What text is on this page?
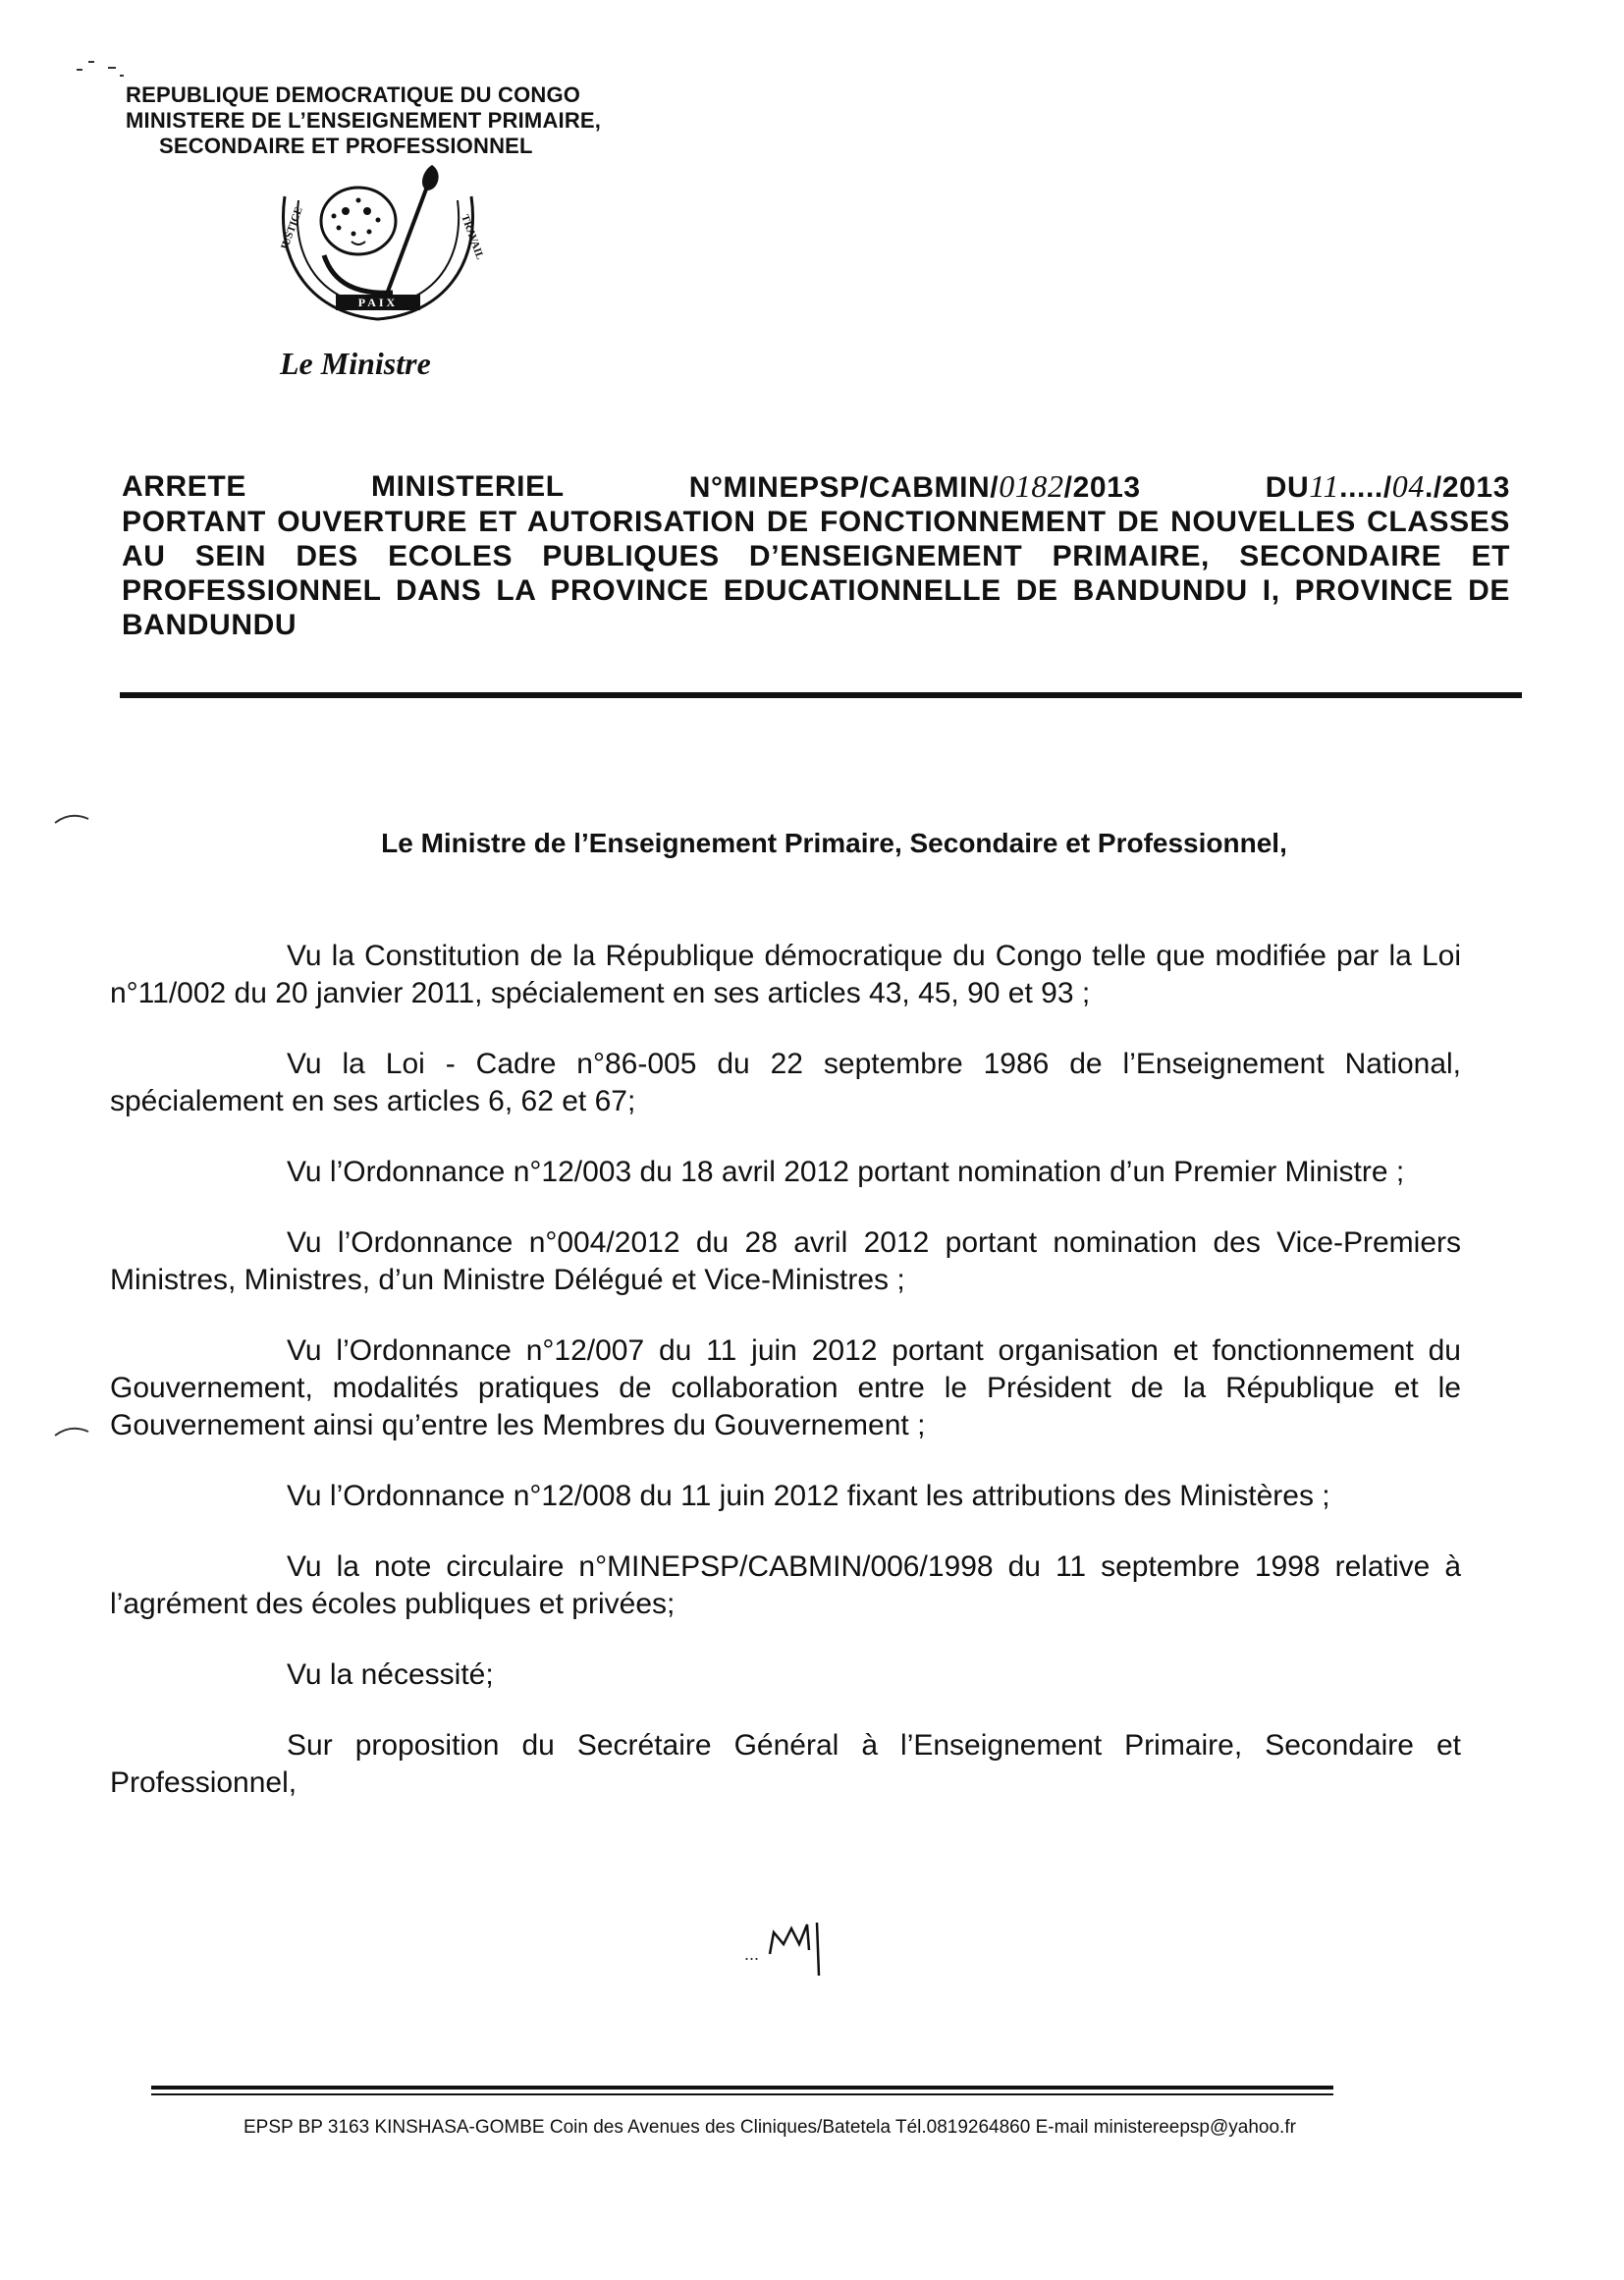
REPUBLIQUE DEMOCRATIQUE DU CONGO
MINISTERE DE L’ENSEIGNEMENT PRIMAIRE,
SECONDAIRE ET PROFESSIONNEL
PAIX
JUSTICE	TRAVAIL
Le Ministre
ARRETE	MINISTERIEL	N°MINEPSP/CABMIN/0182/2013	DU11...../04./2013
PORTANT OUVERTURE ET AUTORISATION DE FONCTIONNEMENT DE NOUVELLES CLASSES AU SEIN DES ECOLES PUBLIQUES D’ENSEIGNEMENT PRIMAIRE, SECONDAIRE ET PROFESSIONNEL DANS LA PROVINCE EDUCATIONNELLE DE BANDUNDU I, PROVINCE DE BANDUNDU
Le Ministre de l’Enseignement Primaire, Secondaire et Professionnel,

Vu la Constitution de la République démocratique du Congo telle que modifiée par la Loi n°11/002 du 20 janvier 2011, spécialement en ses articles 43, 45, 90 et 93 ;

Vu la Loi - Cadre n°86-005 du 22 septembre 1986 de l’Enseignement National, spécialement en ses articles 6, 62 et 67;

Vu l’Ordonnance n°12/003 du 18 avril 2012 portant nomination d’un Premier Ministre ;

Vu l’Ordonnance n°004/2012 du 28 avril 2012 portant nomination des Vice-Premiers Ministres, Ministres, d’un Ministre Délégué et Vice-Ministres ;

Vu l’Ordonnance n°12/007 du 11 juin 2012 portant organisation et fonctionnement du Gouvernement, modalités pratiques de collaboration entre le Président de la République et le Gouvernement ainsi qu’entre les Membres du Gouvernement ;

Vu l’Ordonnance n°12/008 du 11 juin 2012 fixant les attributions des Ministères ;

Vu la note circulaire n°MINEPSP/CABMIN/006/1998 du 11 septembre 1998 relative à l’agrément des écoles publiques et privées;

Vu la nécessité;

Sur proposition du Secrétaire Général à l’Enseignement Primaire, Secondaire et Professionnel,

...
EPSP BP 3163 KINSHASA-GOMBE Coin des Avenues des Cliniques/Batetela Tél.0819264860 E-mail ministereepsp@yahoo.fr
